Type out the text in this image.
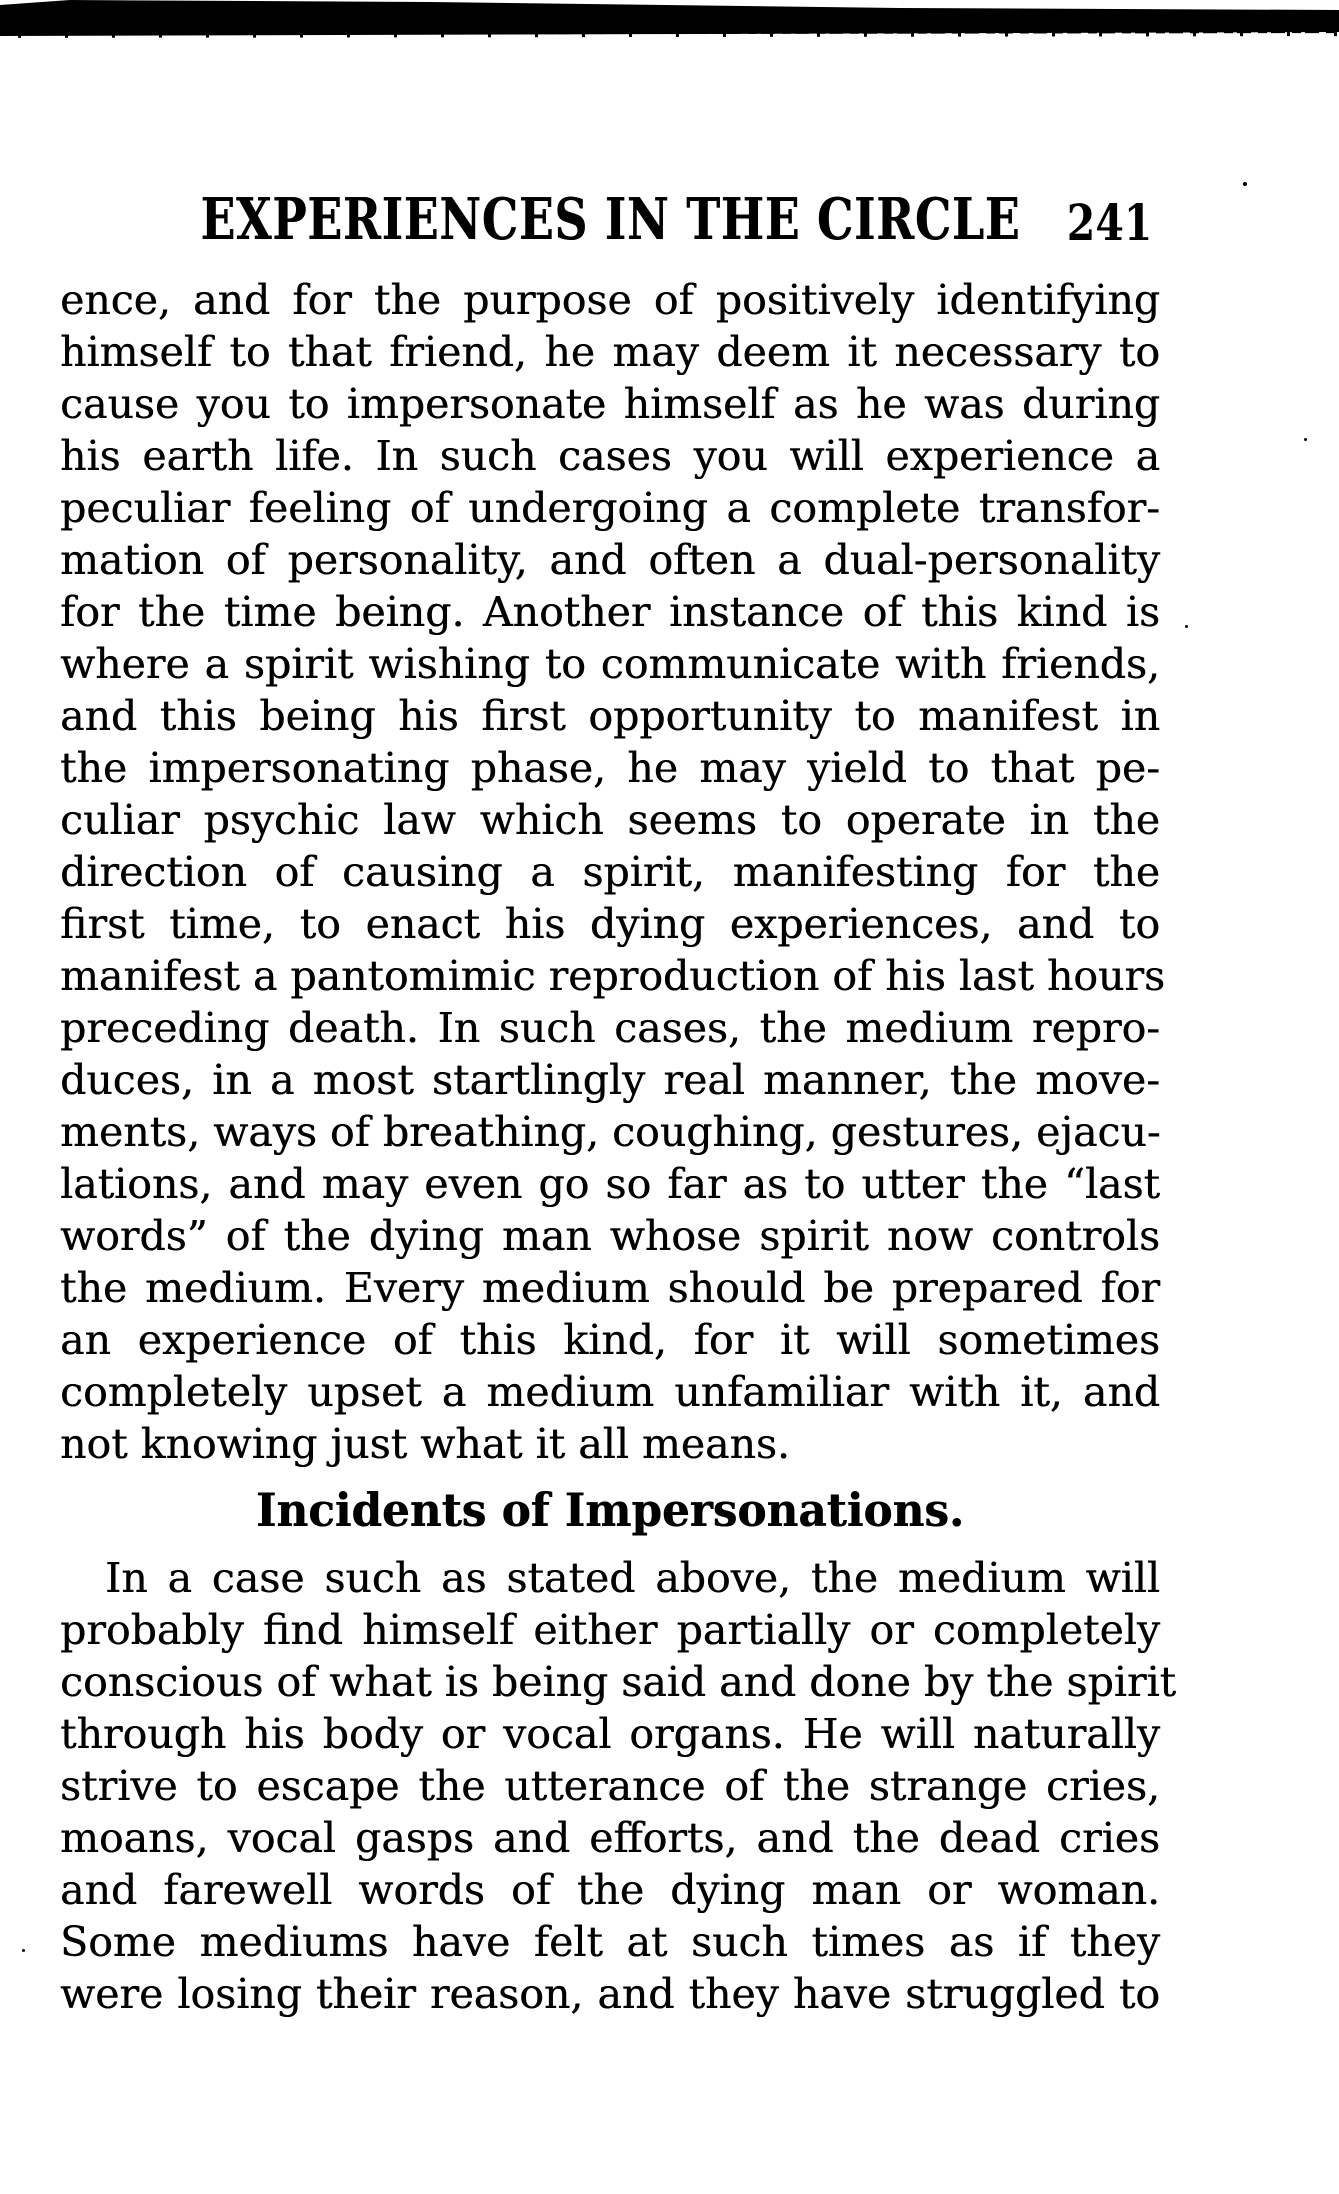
EXPERIENCES IN THE CIRCLE 241
ence, and for the purpose of positively identifying
himself to that friend, he may deem it necessary to
cause you to impersonate himself as he was during
his earth life. In such cases you will experience a
peculiar feeling of undergoing a complete transfor-
mation of personality, and often a dual-personality
for the time being. Another instance of this kind is
where a spirit wishing to communicate with friends,
and this being his first opportunity to manifest in
the impersonating phase, he may yield to that pe-
culiar psychic law which seems to operate in the
direction of causing a spirit, manifesting for the
first time, to enact his dying experiences, and to
manifest a pantomimic reproduction of his last hours
preceding death. In such cases, the medium repro-
duces, in a most startlingly real manner, the move-
ments, ways of breathing, coughing, gestures, ejacu-
lations, and may even go so far as to utter the “last
words” of the dying man whose spirit now controls
the medium. Every medium should be prepared for
an experience of this kind, for it will sometimes
completely upset a medium unfamiliar with it, and
not knowing just what it all means.
Incidents of Impersonations.
In a case such as stated above, the medium will
probably find himself either partially or completely
conscious of what is being said and done by the spirit
through his body or vocal organs. He will naturally
strive to escape the utterance of the strange cries,
moans, vocal gasps and efforts, and the dead cries
and farewell words of the dying man or woman.
Some mediums have felt at such times as if they
were losing their reason, and they have struggled to
